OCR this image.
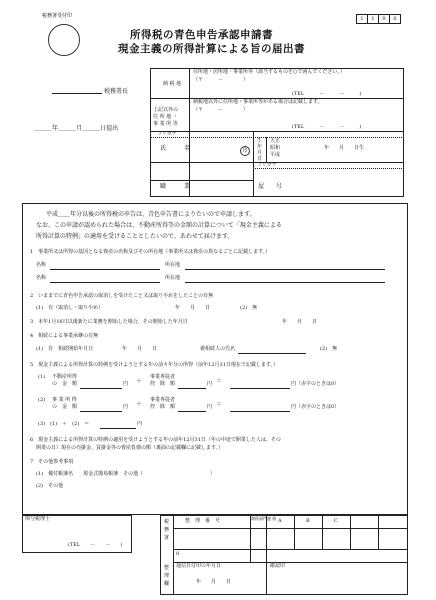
税務署受付印	1	1	0	0
所得税の青色申告承認申請書
現金主義の所得計算による旨の届出書
税務署長
＿＿＿年＿＿＿月＿＿＿日提出
納 税 地
住所地・居所地・事業所等（該当するものを○で囲んでください。）
（〒　　　－　　　　）
(TEL　　　－　　　－　　　)
上記以外の
住 所 地 ・
事 業 所 等
納税地以外に住所地・事業所等がある場合は記載します。
（〒　　　－　　　　）
(TEL　　　－　　　－　　　)
フリガナ
氏　　　名	印
生
年
月
日
大正
昭和
平成
年　　月　　日生
フリガナ
職　　　業	屋　　号
平成＿＿年分以後の所得税の申告は、青色申告書によりたいので申請します。
なお、この申請が認められた場合は、不動産所得等の金額の計算について「現金主義による
所得計算の特例」の適用を受けることとしたいので、あわせて届けます。
1　事業所又は所得の基因となる資産の名称及びその所在地（事業所又は資産の異なるごとに記載します。）
名称	所在地
名称	所在地
2　いままでに青色申告承認の取消しを受けたこと又は取りやめをしたことの有無
(1)　有（取消し・取りやめ）	年　　月　　日	(2)　無
3　本年1月16日以後新たに業務を開始した場合、その開始した年月日	年　　月　　日
4　相続による事業承継の有無
(1)　有　相続開始年月日	年　　月　　日	被相続人の氏名	(2)　無
5　現金主義による所得計算の特例を受けようとする年の前々年分の所得（前年12月31日現在で記載します。）
(1) 不動産所得
の　金　額	円 ＋
事業専従者
控　除　額	円 ＝	円（赤字のときは0）
(2) 事 業 所 得
の　金　額	円 ＋
事業専従者
控　除　額	円 ＝	円（赤字のときは0）
(3)　(1)　＋　(2)　＝	円
6　現金主義による所得計算の特例の適用を受けようとする年の前年12月31日（年の中途で開業した人は、その
開業の日）現在の売掛金、買掛金等の資産負債の額（裏面の記載欄に記載します。）
7　その他参考事項
(1)　備付帳簿名　　現金式簡易帳簿　その他（	）
(2)　その他
関与税理士
(TEL　　－　　－　　)
税
務
署
整
理
欄
整　理　番　号	関係部門連 絡 A	B	C
0
通信日付印の年月日	確認印
年　　月　　日
